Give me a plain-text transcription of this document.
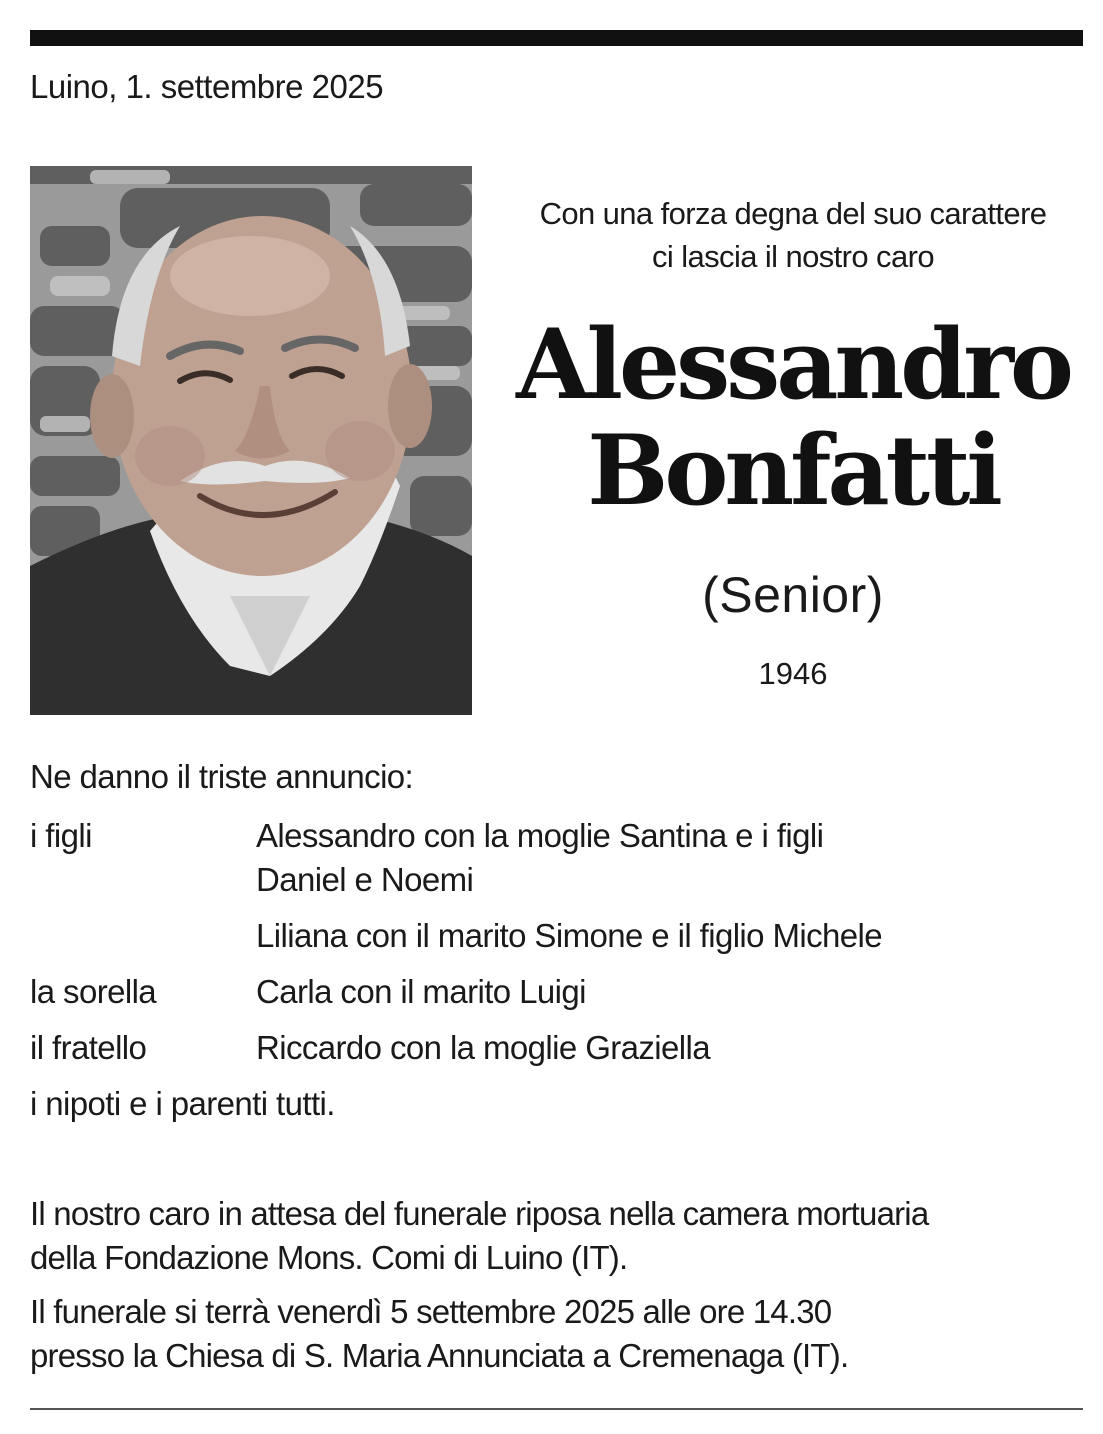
Luino, 1. settembre 2025
Con una forza degna del suo carattere
ci lascia il nostro caro
Alessandro
Bonfatti
(Senior)
1946
Ne danno il triste annuncio:
i figli	Alessandro con la moglie Santina e i figli
Daniel e Noemi
Liliana con il marito Simone e il figlio Michele
la sorella	Carla con il marito Luigi
il fratello	Riccardo con la moglie Graziella
i nipoti e i parenti tutti.
Il nostro caro in attesa del funerale riposa nella camera mortuaria
della Fondazione Mons. Comi di Luino (IT).
Il funerale si terrà venerdì 5 settembre 2025 alle ore 14.30
presso la Chiesa di S. Maria Annunciata a Cremenaga (IT).
